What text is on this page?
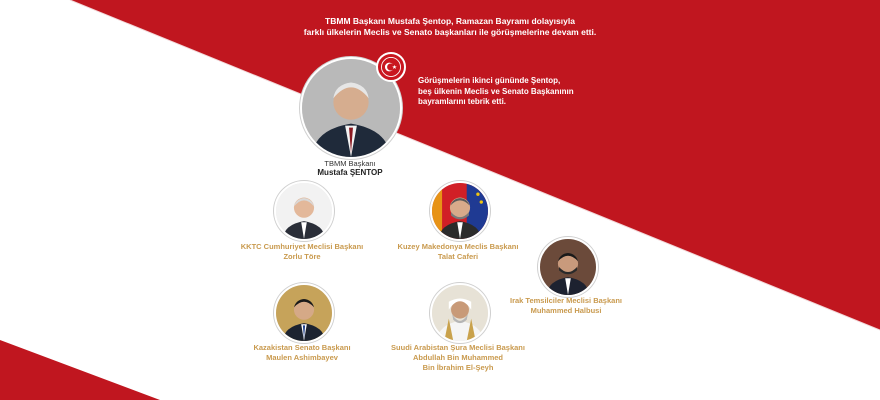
TBMM Başkanı Mustafa Şentop, Ramazan Bayramı dolayısıyla
farklı ülkelerin Meclis ve Senato başkanları ile görüşmelerine devam etti.
Görüşmelerin ikinci gününde Şentop,
beş ülkenin Meclis ve Senato Başkanının
bayramlarını tebrik etti.
TBMM Başkanı
Mustafa ŞENTOP
KKTC Cumhuriyet Meclisi Başkanı
Zorlu Töre
Kuzey Makedonya Meclis Başkanı
Talat Caferi
Irak Temsilciler Meclisi Başkanı
Muhammed Halbusi
Kazakistan Senato Başkanı
Maulen Ashimbayev
Suudi Arabistan Şura Meclisi Başkanı
Abdullah Bin Muhammed
Bin İbrahim El-Şeyh
